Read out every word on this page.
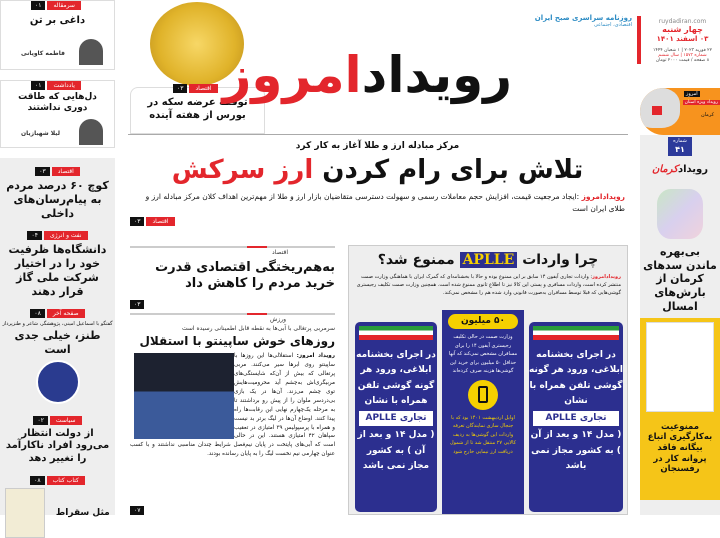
سرمقاله
۰۱
داغی بر تن
فاطمه کاویانی
یادداشت
۰۱
دل‌هایی که طاقت دوری نداشتند
لیلا شهبازیان
اقتصاد
۰۳
کوچ ۶۰ درصد مردم به پیام‌رسان‌های داخلی
نفت و انرژی
۰۴
دانشگاه‌ها ظرفیت خود را در اختیار شرکت ملی گاز قرار دهند
صفحه آخر
۰۸
گفتگو با اسماعیل امینی، پژوهشگر، شاعر و طنزپرداز
طنز، خیلی جدی است
سیاست
۰۲
از دولت انتظار می‌رود افراد ناکارآمد را تغییر دهد
کتاب کتاب
۰۸
مثل سقراط
اقتصاد
۰۳
توقف عرضه سکه در بورس از هفته آینده
رویدادامروز
روزنامه سراسری صبح ایران
اقتصادی، اجتماعی	ruydadiran.com
چهار شنبه
۰۳ اسفند ۱۴۰۱
۲۲ فوریه ۲۰۲۳ | ۱ شعبان ۱۴۴۴
شماره ۱۵۷۳ | سال ششم
۸ صفحه / قیمت ۲۰۰۰ تومان
امروز
رویداد ویژه استان
کرمان
مرکز مبادله ارز و طلا آغاز به کار کرد
تلاش برای رام کردن ارز سرکش
رویدادامروز :ایجاد مرجعیت قیمت، افزایش حجم معاملات رسمی و سهولت دسترسی متقاضیان بازار ارز و طلا از مهم‌ترین اهداف کلان مرکز مبادله ارز و طلای ایران است
۰۳	اقتصاد
اقتصاد
به‌هم‌ریختگی اقتصادی قدرت خرید مردم را کاهش داد
۰۳
ورزش
سرمربی پرتغالی با آبی‌ها به نقطه قابل اطمینانی رسیده است
روزهای خوش ساپینتو با استقلال
رویداد امروز: استقلالی‌ها این روزها با ساپینتو روی ابرها سیر می‌کنند. مربی پرتغالی که بیش از آن‌که شایستگی‌های مربیگری‌اش به‌چشم آید محرومیت‌هایش توی چشم می‌زند. آن‌ها در یک بازی بی‌دردسر ملوان را از پیش رو برداشتند تا به مرحله یک‌چهارم نهایی این رقابت‌ها راه پیدا کنند. اوضاع آن‌ها در لیگ برتر بد نیست و همراه با پرسپولیس ۳۹ امتیازی در تعقیب سپاهان ۴۲ امتیازی هستند. این در حالی است که آبی‌های پایتخت در پایان نیم‌فصل شرایط چندان مناسبی نداشتند و با کسب عنوان چهارمی نیم نخست لیگ را به پایان رسانده بودند.
۰۷
چرا واردات APLLE ممنوع شد؟
رویدادامروز: واردات تجاری آیفون ۱۴ سابق بر این ممنوع بوده و حالا با بخشنامه‌ای که گمرک ایران با هماهنگی وزارت صمت منتشر کرده است، واردات مسافری و پستی این کالا نیز تا اطلاع ثانوی ممنوع شده است. همچنین وزارت صمت تکلیف رجیستری گوشی‌هایی که قبلا توسط مسافران به‌صورت قانونی وارد شده هم را مشخص نمی‌کند.
در اجرای بخشنامه ابلاغی، ورود هر گونه گوشی تلفن همراه با نشان
تجاری APLLE
( مدل ۱۴ و بعد از آن ) به کشور مجاز نمی باشد
۵۰ میلیون
وزارت صمت در حالی تکلیف رجیستری آیفون ۱۴ را برای مسافران مشخص نمی‌کند که آنها حداقل ۵۰ میلیون برای خرید این گوشی‌ها هزینه صرف کرده‌اند
اوایل اردیبهشت ۱۴۰۱ بود که با جنجال سازی نمایندگان تعرفه واردات این گوشی‌ها به ردیف کالایی ۲۷ منتقل شد تا از شمول دریافت ارز نیمایی خارج شود
در اجرای بخشنامه ابلاغی، ورود هر گونه گوشی تلفن همراه با نشان
تجاری APLLE
( مدل ۱۴ و بعد از آن ) به کشور مجاز نمی باشد
شماره
۴۱
رویدادکرمان
بی‌بهره ماندن سدهای کرمان از بارش‌های امسال
ممنوعیت به‌کارگیری اتباع بیگانه فاقد پروانه کار در رفسنجان
